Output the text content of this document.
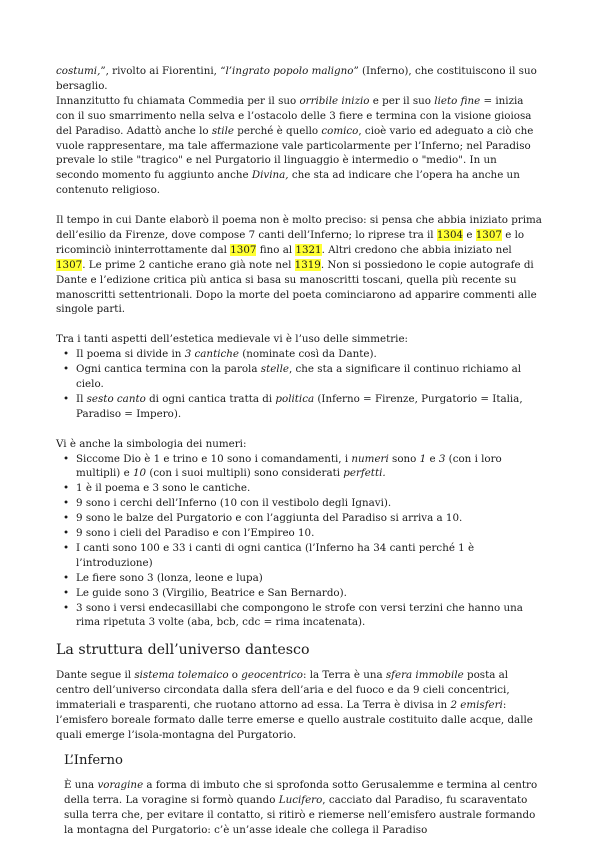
costumi,”, rivolto ai Fiorentini, “l’ingrato popolo maligno” (Inferno), che costituiscono il suo bersaglio.

Innanzitutto fu chiamata Commedia per il suo orribile inizio e per il suo lieto fine = inizia con il suo smarrimento nella selva e l’ostacolo delle 3 fiere e termina con la visione gioiosa del Paradiso. Adattò anche lo stile perché è quello comico, cioè vario ed adeguato a ciò che vuole rappresentare, ma tale affermazione vale particolarmente per l’Inferno; nel Paradiso prevale lo stile "tragico" e nel Purgatorio il linguaggio è intermedio o "medio". In un secondo momento fu aggiunto anche Divina, che sta ad indicare che l’opera ha anche un contenuto religioso.

Il tempo in cui Dante elaborò il poema non è molto preciso: si pensa che abbia iniziato prima dell’esilio da Firenze, dove compose 7 canti dell’Inferno; lo riprese tra il 1304 e 1307 e lo ricominciò ininterrottamente dal 1307 fino al 1321. Altri credono che abbia iniziato nel 1307. Le prime 2 cantiche erano già note nel 1319. Non si possiedono le copie autografe di Dante e l’edizione critica più antica si basa su manoscritti toscani, quella più recente su manoscritti settentrionali. Dopo la morte del poeta cominciarono ad apparire commenti alle singole parti.

Tra i tanti aspetti dell’estetica medievale vi è l’uso delle simmetrie:

• Il poema si divide in 3 cantiche (nominate così da Dante).
• Ogni cantica termina con la parola stelle, che sta a significare il continuo richiamo al cielo.
• Il sesto canto di ogni cantica tratta di politica (Inferno = Firenze, Purgatorio = Italia, Paradiso = Impero).

Vi è anche la simbologia dei numeri:

• Siccome Dio è 1 e trino e 10 sono i comandamenti, i numeri sono 1 e 3 (con i loro multipli) e 10 (con i suoi multipli) sono considerati perfetti.
• 1 è il poema e 3 sono le cantiche.
• 9 sono i cerchi dell’Inferno (10 con il vestibolo degli Ignavi).
• 9 sono le balze del Purgatorio e con l’aggiunta del Paradiso si arriva a 10.
• 9 sono i cieli del Paradiso e con l’Empireo 10.
• I canti sono 100 e 33 i canti di ogni cantica (l’Inferno ha 34 canti perché 1 è l’introduzione)
• Le fiere sono 3 (lonza, leone e lupa)
• Le guide sono 3 (Virgilio, Beatrice e San Bernardo).
• 3 sono i versi endecasillabi che compongono le strofe con versi terzini che hanno una rima ripetuta 3 volte (aba, bcb, cdc = rima incatenata).
La struttura dell’universo dantesco

Dante segue il sistema tolemaico o geocentrico: la Terra è una sfera immobile posta al centro dell’universo circondata dalla sfera dell’aria e del fuoco e da 9 cieli concentrici, immateriali e trasparenti, che ruotano attorno ad essa. La Terra è divisa in 2 emisferi: l’emisfero boreale formato dalle terre emerse e quello australe costituito dalle acque, dalle quali emerge l’isola-montagna del Purgatorio.

L’Inferno

È una voragine a forma di imbuto che si sprofonda sotto Gerusalemme e termina al centro della terra. La voragine si formò quando Lucifero, cacciato dal Paradiso, fu scaraventato sulla terra che, per evitare il contatto, si ritirò e riemerse nell’emisfero australe formando la montagna del Purgatorio: c’è un’asse ideale che collega il Paradiso
